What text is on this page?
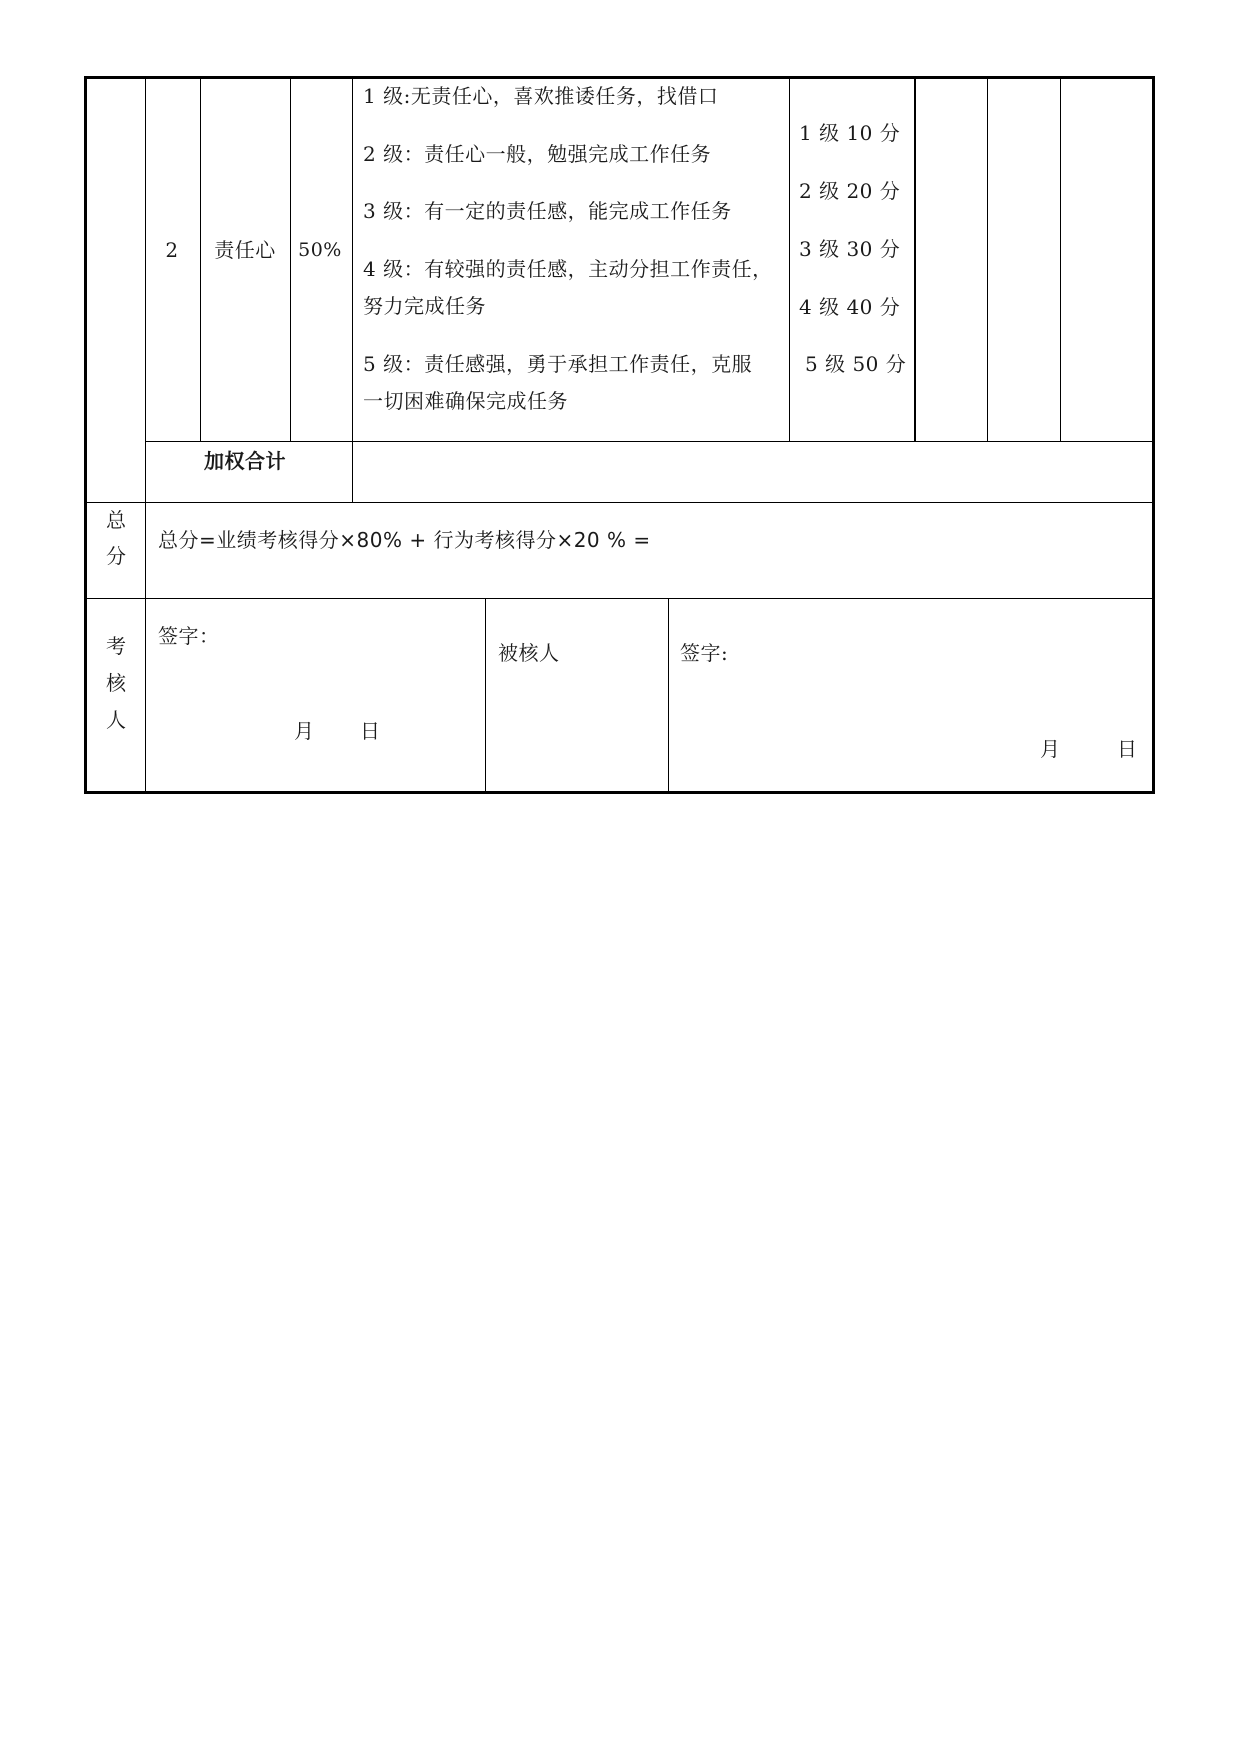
2 责任心 50%
1 级:无责任心，喜欢推诿任务，找借口
2 级：责任心一般，勉强完成工作任务
3 级：有一定的责任感，能完成工作任务
4 级：有较强的责任感，主动分担工作责任，
努力完成任务
5 级：责任感强，勇于承担工作责任，克服
一切困难确保完成任务
1 级 10 分
2 级 20 分
3 级 30 分
4 级 40 分
5 级 50 分
加权合计
总
分
总分=业绩考核得分×80% + 行为考核得分×20 % =
考
核
人
签字：
月 日
被核人	签字:
月	日
